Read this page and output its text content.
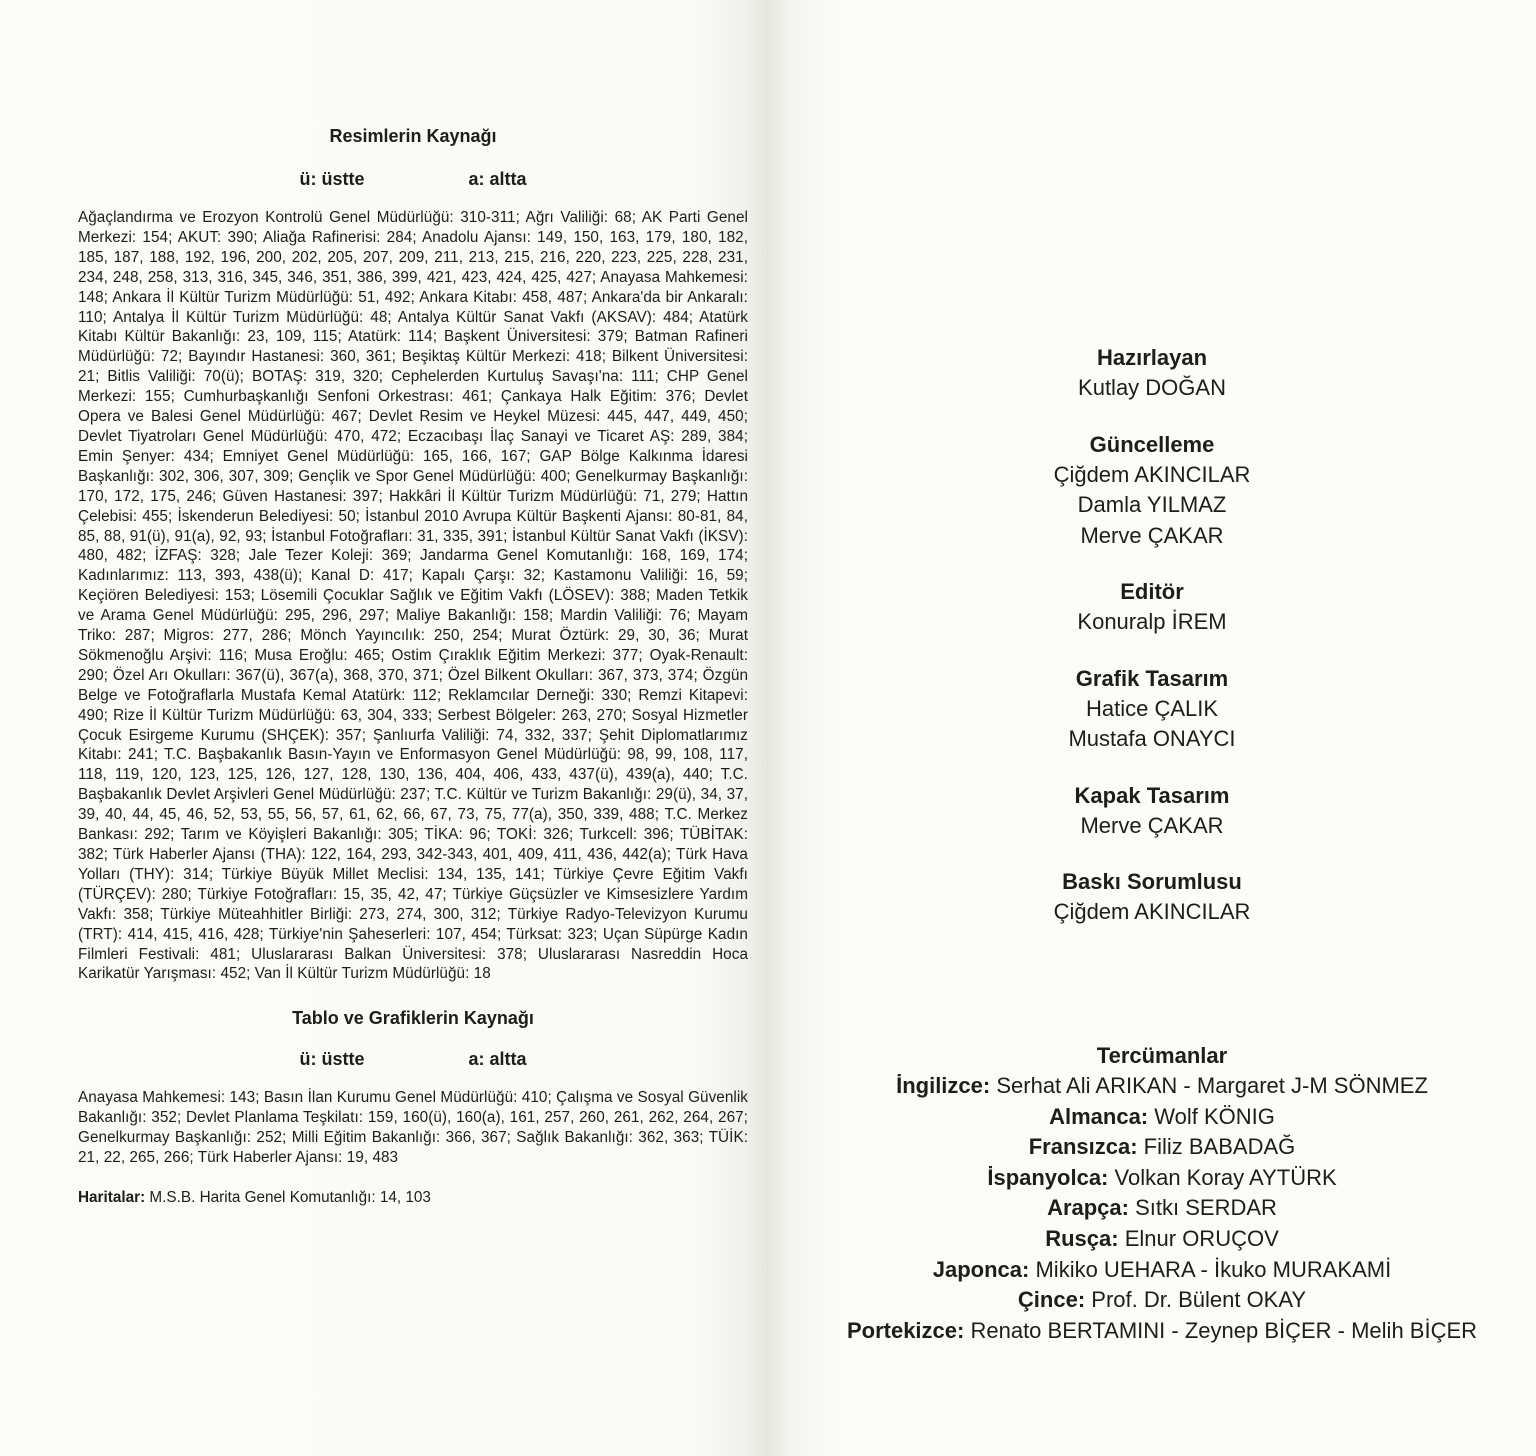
Resimlerin Kaynağı
ü: üstte	a: altta

Ağaçlandırma ve Erozyon Kontrolü Genel Müdürlüğü: 310-311; Ağrı Valiliği: 68; AK Parti Genel Merkezi: 154; AKUT: 390; Aliağa Rafinerisi: 284; Anadolu Ajansı: 149, 150, 163, 179, 180, 182, 185, 187, 188, 192, 196, 200, 202, 205, 207, 209, 211, 213, 215, 216, 220, 223, 225, 228, 231, 234, 248, 258, 313, 316, 345, 346, 351, 386, 399, 421, 423, 424, 425, 427; Anayasa Mahkemesi: 148; Ankara İl Kültür Turizm Müdürlüğü: 51, 492; Ankara Kitabı: 458, 487; Ankara'da bir Ankaralı: 110; Antalya İl Kültür Turizm Müdürlüğü: 48; Antalya Kültür Sanat Vakfı (AKSAV): 484; Atatürk Kitabı Kültür Bakanlığı: 23, 109, 115; Atatürk: 114; Başkent Üniversitesi: 379; Batman Rafineri Müdürlüğü: 72; Bayındır Hastanesi: 360, 361; Beşiktaş Kültür Merkezi: 418; Bilkent Üniversitesi: 21; Bitlis Valiliği: 70(ü); BOTAŞ: 319, 320; Cephelerden Kurtuluş Savaşı'na: 111; CHP Genel Merkezi: 155; Cumhurbaşkanlığı Senfoni Orkestrası: 461; Çankaya Halk Eğitim: 376; Devlet Opera ve Balesi Genel Müdürlüğü: 467; Devlet Resim ve Heykel Müzesi: 445, 447, 449, 450; Devlet Tiyatroları Genel Müdürlüğü: 470, 472; Eczacıbaşı İlaç Sanayi ve Ticaret AŞ: 289, 384; Emin Şenyer: 434; Emniyet Genel Müdürlüğü: 165, 166, 167; GAP Bölge Kalkınma İdaresi Başkanlığı: 302, 306, 307, 309; Gençlik ve Spor Genel Müdürlüğü: 400; Genelkurmay Başkanlığı: 170, 172, 175, 246; Güven Hastanesi: 397; Hakkâri İl Kültür Turizm Müdürlüğü: 71, 279; Hattın Çelebisi: 455; İskenderun Belediyesi: 50; İstanbul 2010 Avrupa Kültür Başkenti Ajansı: 80-81, 84, 85, 88, 91(ü), 91(a), 92, 93; İstanbul Fotoğrafları: 31, 335, 391; İstanbul Kültür Sanat Vakfı (İKSV): 480, 482; İZFAŞ: 328; Jale Tezer Koleji: 369; Jandarma Genel Komutanlığı: 168, 169, 174; Kadınlarımız: 113, 393, 438(ü); Kanal D: 417; Kapalı Çarşı: 32; Kastamonu Valiliği: 16, 59; Keçiören Belediyesi: 153; Lösemili Çocuklar Sağlık ve Eğitim Vakfı (LÖSEV): 388; Maden Tetkik ve Arama Genel Müdürlüğü: 295, 296, 297; Maliye Bakanlığı: 158; Mardin Valiliği: 76; Mayam Triko: 287; Migros: 277, 286; Mönch Yayıncılık: 250, 254; Murat Öztürk: 29, 30, 36; Murat Sökmenoğlu Arşivi: 116; Musa Eroğlu: 465; Ostim Çıraklık Eğitim Merkezi: 377; Oyak-Renault: 290; Özel Arı Okulları: 367(ü), 367(a), 368, 370, 371; Özel Bilkent Okulları: 367, 373, 374; Özgün Belge ve Fotoğraflarla Mustafa Kemal Atatürk: 112; Reklamcılar Derneği: 330; Remzi Kitapevi: 490; Rize İl Kültür Turizm Müdürlüğü: 63, 304, 333; Serbest Bölgeler: 263, 270; Sosyal Hizmetler Çocuk Esirgeme Kurumu (SHÇEK): 357; Şanlıurfa Valiliği: 74, 332, 337; Şehit Diplomatlarımız Kitabı: 241; T.C. Başbakanlık Basın-Yayın ve Enformasyon Genel Müdürlüğü: 98, 99, 108, 117, 118, 119, 120, 123, 125, 126, 127, 128, 130, 136, 404, 406, 433, 437(ü), 439(a), 440; T.C. Başbakanlık Devlet Arşivleri Genel Müdürlüğü: 237; T.C. Kültür ve Turizm Bakanlığı: 29(ü), 34, 37, 39, 40, 44, 45, 46, 52, 53, 55, 56, 57, 61, 62, 66, 67, 73, 75, 77(a), 350, 339, 488; T.C. Merkez Bankası: 292; Tarım ve Köyişleri Bakanlığı: 305; TİKA: 96; TOKİ: 326; Turkcell: 396; TÜBİTAK: 382; Türk Haberler Ajansı (THA): 122, 164, 293, 342-343, 401, 409, 411, 436, 442(a); Türk Hava Yolları (THY): 314; Türkiye Büyük Millet Meclisi: 134, 135, 141; Türkiye Çevre Eğitim Vakfı (TÜRÇEV): 280; Türkiye Fotoğrafları: 15, 35, 42, 47; Türkiye Güçsüzler ve Kimsesizlere Yardım Vakfı: 358; Türkiye Müteahhitler Birliği: 273, 274, 300, 312; Türkiye Radyo-Televizyon Kurumu (TRT): 414, 415, 416, 428; Türkiye'nin Şaheserleri: 107, 454; Türksat: 323; Uçan Süpürge Kadın Filmleri Festivali: 481; Uluslararası Balkan Üniversitesi: 378; Uluslararası Nasreddin Hoca Karikatür Yarışması: 452; Van İl Kültür Turizm Müdürlüğü: 18

Tablo ve Grafiklerin Kaynağı
ü: üstte	a: altta

Anayasa Mahkemesi: 143; Basın İlan Kurumu Genel Müdürlüğü: 410; Çalışma ve Sosyal Güvenlik Bakanlığı: 352; Devlet Planlama Teşkilatı: 159, 160(ü), 160(a), 161, 257, 260, 261, 262, 264, 267; Genelkurmay Başkanlığı: 252; Milli Eğitim Bakanlığı: 366, 367; Sağlık Bakanlığı: 362, 363; TÜİK: 21, 22, 265, 266; Türk Haberler Ajansı: 19, 483

Haritalar: M.S.B. Harita Genel Komutanlığı: 14, 103

Hazırlayan
Kutlay DOĞAN
Güncelleme
Çiğdem AKINCILAR
Damla YILMAZ
Merve ÇAKAR
Editör
Konuralp İREM
Grafik Tasarım
Hatice ÇALIK
Mustafa ONAYCI
Kapak Tasarım
Merve ÇAKAR
Baskı Sorumlusu
Çiğdem AKINCILAR
Tercümanlar
İngilizce: Serhat Ali ARIKAN - Margaret J-M SÖNMEZ
Almanca: Wolf KÖNIG
Fransızca: Filiz BABADAĞ
İspanyolca: Volkan Koray AYTÜRK
Arapça: Sıtkı SERDAR
Rusça: Elnur ORUÇOV
Japonca: Mikiko UEHARA - İkuko MURAKAMİ
Çince: Prof. Dr. Bülent OKAY
Portekizce: Renato BERTAMINI - Zeynep BİÇER - Melih BİÇER
